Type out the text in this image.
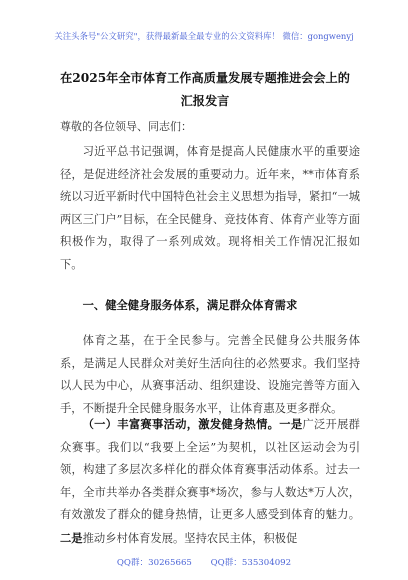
关注头条号"公文研究"，获得最新最全最专业的公文资料库！ 微信：gongwenyj
在2025年全市体育工作高质量发展专题推进会会上的汇报发言
尊敬的各位领导、同志们：
习近平总书记强调，体育是提高人民健康水平的重要途径，是促进经济社会发展的重要动力。近年来，**市体育系统以习近平新时代中国特色社会主义思想为指导，紧扣“一城两区三门户”目标，在全民健身、竞技体育、体育产业等方面积极作为，取得了一系列成效。现将相关工作情况汇报如下。
一、健全健身服务体系，满足群众体育需求
体育之基，在于全民参与。完善全民健身公共服务体系，是满足人民群众对美好生活向往的必然要求。我们坚持以人民为中心，从赛事活动、组织建设、设施完善等方面入手，不断提升全民健身服务水平，让体育惠及更多群众。
（一）丰富赛事活动，激发健身热情。一是广泛开展群众赛事。我们以“我要上全运”为契机，以社区运动会为引领，构建了多层次多样化的群众体育赛事活动体系。过去一年，全市共举办各类群众赛事*场次，参与人数达*万人次，有效激发了群众的健身热情，让更多人感受到体育的魅力。二是推动乡村体育发展。坚持农民主体，积极促
QQ群：30265665 QQ群：535304092
